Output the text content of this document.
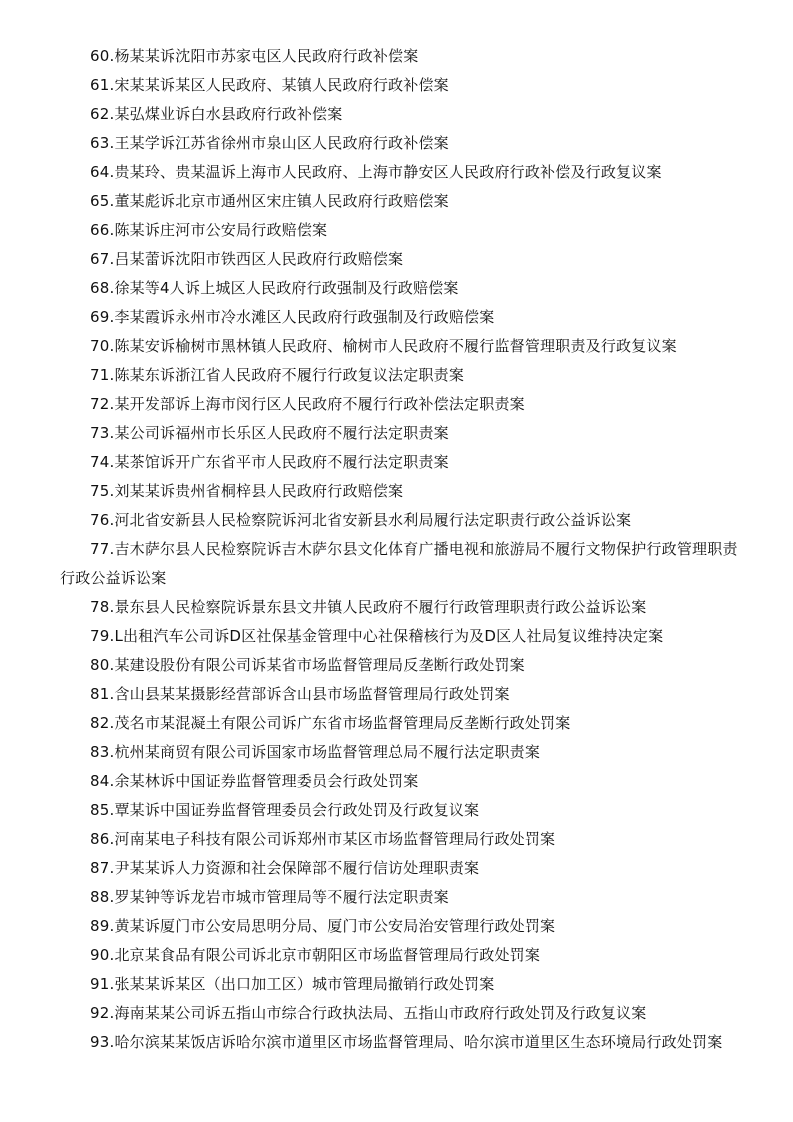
60.杨某某诉沈阳市苏家屯区人民政府行政补偿案
61.宋某某诉某区人民政府、某镇人民政府行政补偿案
62.某弘煤业诉白水县政府行政补偿案
63.王某学诉江苏省徐州市泉山区人民政府行政补偿案
64.贵某玲、贵某温诉上海市人民政府、上海市静安区人民政府行政补偿及行政复议案
65.董某彪诉北京市通州区宋庄镇人民政府行政赔偿案
66.陈某诉庄河市公安局行政赔偿案
67.吕某蕾诉沈阳市铁西区人民政府行政赔偿案
68.徐某等4人诉上城区人民政府行政强制及行政赔偿案
69.李某霞诉永州市冷水滩区人民政府行政强制及行政赔偿案
70.陈某安诉榆树市黑林镇人民政府、榆树市人民政府不履行监督管理职责及行政复议案
71.陈某东诉浙江省人民政府不履行行政复议法定职责案
72.某开发部诉上海市闵行区人民政府不履行行政补偿法定职责案
73.某公司诉福州市长乐区人民政府不履行法定职责案
74.某茶馆诉开广东省平市人民政府不履行法定职责案
75.刘某某诉贵州省桐梓县人民政府行政赔偿案
76.河北省安新县人民检察院诉河北省安新县水利局履行法定职责行政公益诉讼案
77.吉木萨尔县人民检察院诉吉木萨尔县文化体育广播电视和旅游局不履行文物保护行政管理职责行政公益诉讼案
78.景东县人民检察院诉景东县文井镇人民政府不履行行政管理职责行政公益诉讼案
79.L出租汽车公司诉D区社保基金管理中心社保稽核行为及D区人社局复议维持决定案
80.某建设股份有限公司诉某省市场监督管理局反垄断行政处罚案
81.含山县某某摄影经营部诉含山县市场监督管理局行政处罚案
82.茂名市某混凝土有限公司诉广东省市场监督管理局反垄断行政处罚案
83.杭州某商贸有限公司诉国家市场监督管理总局不履行法定职责案
84.余某林诉中国证券监督管理委员会行政处罚案
85.覃某诉中国证券监督管理委员会行政处罚及行政复议案
86.河南某电子科技有限公司诉郑州市某区市场监督管理局行政处罚案
87.尹某某诉人力资源和社会保障部不履行信访处理职责案
88.罗某钟等诉龙岩市城市管理局等不履行法定职责案
89.黄某诉厦门市公安局思明分局、厦门市公安局治安管理行政处罚案
90.北京某食品有限公司诉北京市朝阳区市场监督管理局行政处罚案
91.张某某诉某区（出口加工区）城市管理局撤销行政处罚案
92.海南某某公司诉五指山市综合行政执法局、五指山市政府行政处罚及行政复议案
93.哈尔滨某某饭店诉哈尔滨市道里区市场监督管理局、哈尔滨市道里区生态环境局行政处罚案
